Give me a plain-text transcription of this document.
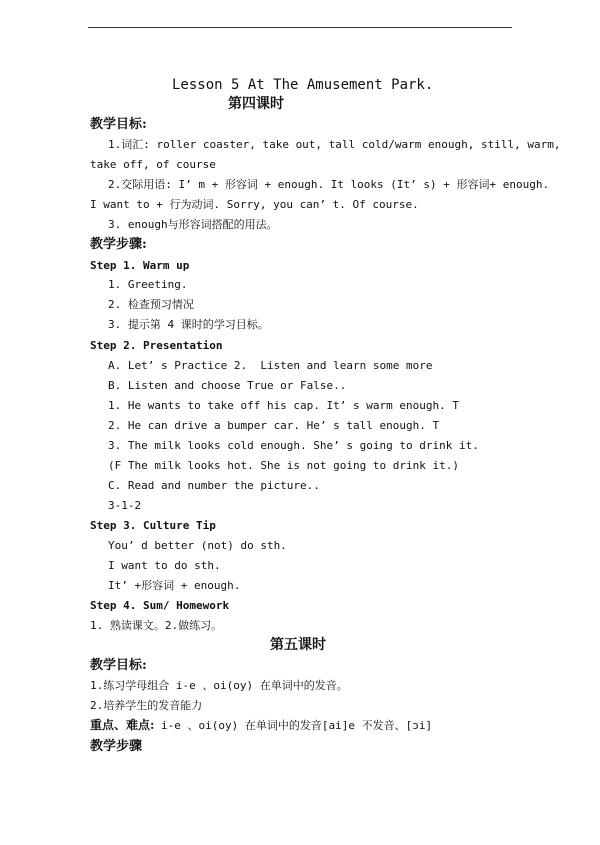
Lesson 5 At The Amusement Park.
第四课时
教学目标:
1.词汇: roller coaster, take out, tall cold/warm enough, still, warm,
take off, of course
2.交际用语: I’ m + 形容词 + enough. It looks (It’ s) + 形容词+ enough.
I want to + 行为动词. Sorry, you can’ t. Of course.
3. enough与形容词搭配的用法。
教学步骤:
Step 1. Warm up
1. Greeting.
2. 检查预习情况
3. 提示第 4 课时的学习目标。
Step 2. Presentation
A. Let’ s Practice 2.  Listen and learn some more
B. Listen and choose True or False..
1. He wants to take off his cap. It’ s warm enough. T
2. He can drive a bumper car. He’ s tall enough. T
3. The milk looks cold enough. She’ s going to drink it.
(F The milk looks hot. She is not going to drink it.)
C. Read and number the picture..
3-1-2
Step 3. Culture Tip
You’ d better (not) do sth.
I want to do sth.
It’ +形容词 + enough.
Step 4. Sum/ Homework
1. 熟读课文。2.做练习。
第五课时
教学目标:
1.练习学母组合 i-e 、oi(oy) 在单词中的发音。
2.培养学生的发音能力
重点、难点: i-e 、oi(oy) 在单词中的发音[ai]e 不发音、[ɔi]
教学步骤
